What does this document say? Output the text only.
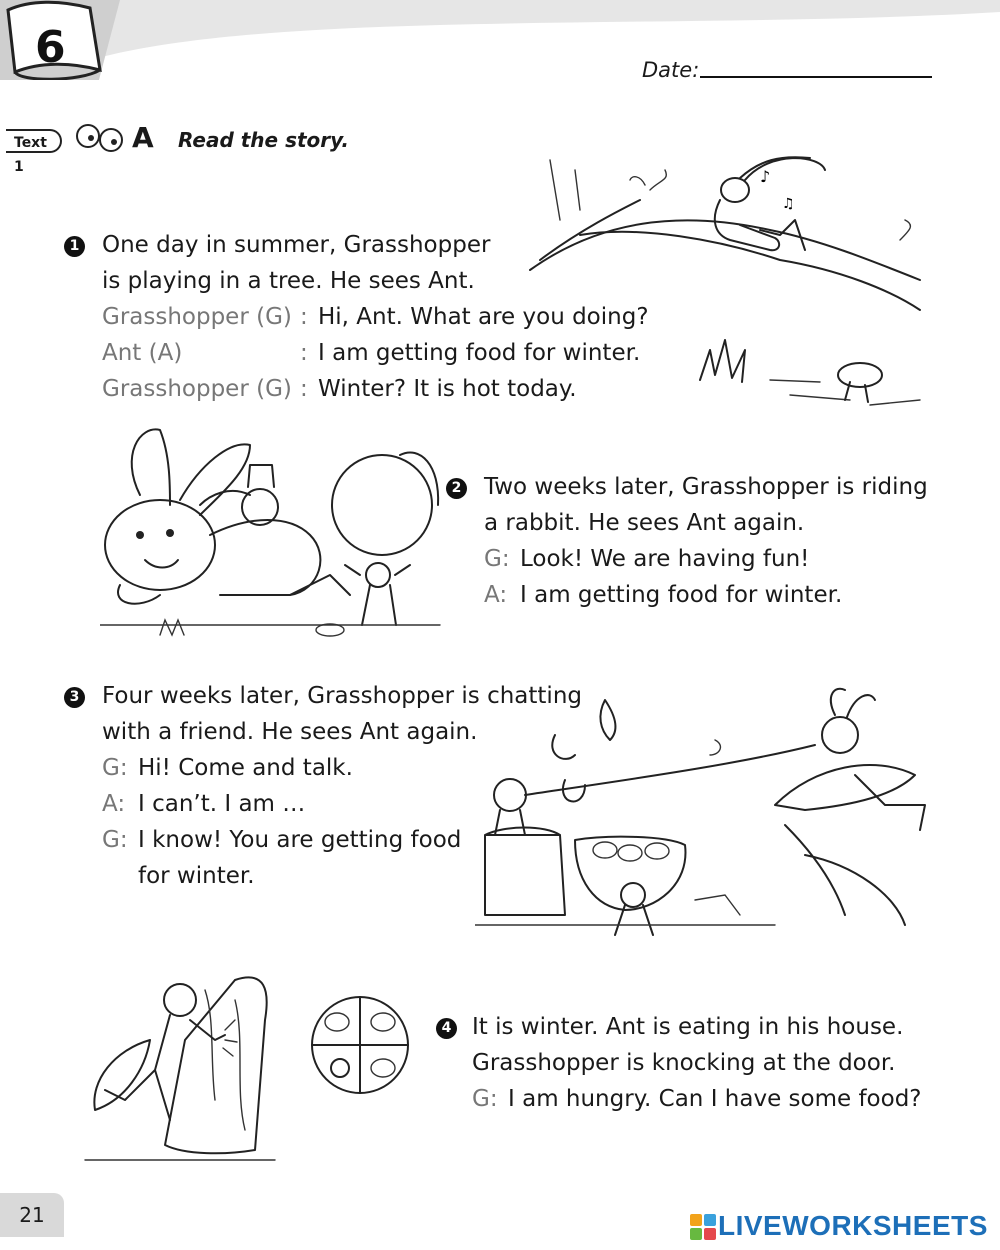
6	Date:
Text 1
A Read the story.
1 One day in summer, Grasshopper
is playing in a tree. He sees Ant.
Grasshopper (G) : Hi, Ant. What are you doing?
Ant (A)	: I am getting food for winter.
Grasshopper (G) : Winter? It is hot today.
♪
♫
2 Two weeks later, Grasshopper is riding
a rabbit. He sees Ant again.
G: Look! We are having fun!
A: I am getting food for winter.
3 Four weeks later, Grasshopper is chatting
with a friend. He sees Ant again.
G: Hi! Come and talk.
A: I can’t. I am …
G: I know! You are getting food
for winter.
4 It is winter. Ant is eating in his house.
Grasshopper is knocking at the door.
G: I am hungry. Can I have some food?
21	LIVEWORKSHEETS
